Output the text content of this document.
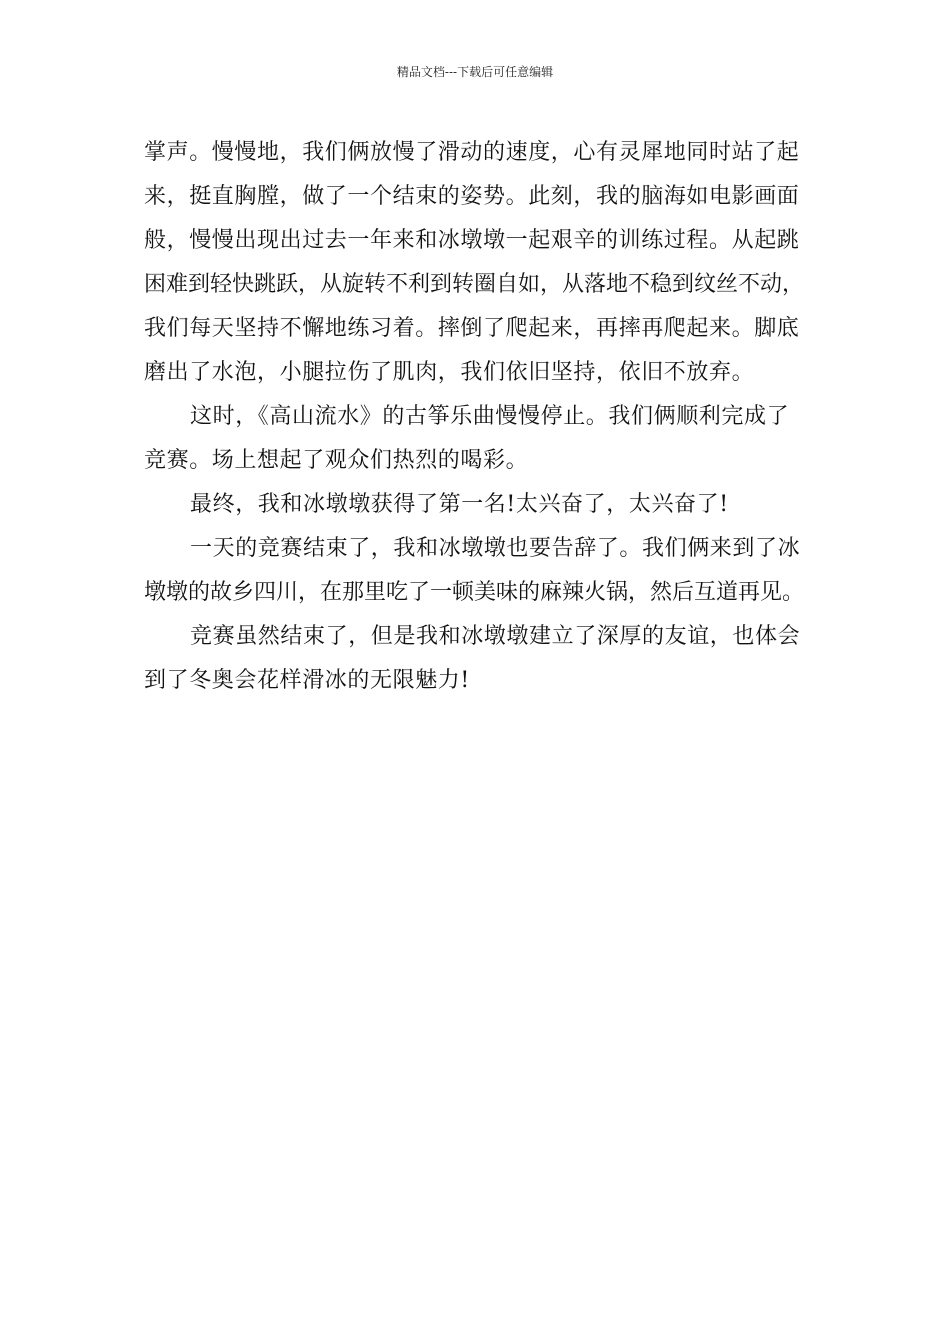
精品文档---下载后可任意编辑
掌声。慢慢地，我们俩放慢了滑动的速度，心有灵犀地同时站了起
来，挺直胸膛，做了一个结束的姿势。此刻，我的脑海如电影画面
般，慢慢出现出过去一年来和冰墩墩一起艰辛的训练过程。从起跳
困难到轻快跳跃，从旋转不利到转圈自如，从落地不稳到纹丝不动，
我们每天坚持不懈地练习着。摔倒了爬起来，再摔再爬起来。脚底
磨出了水泡，小腿拉伤了肌肉，我们依旧坚持，依旧不放弃。
这时，《高山流水》的古筝乐曲慢慢停止。我们俩顺利完成了
竞赛。场上想起了观众们热烈的喝彩。
最终，我和冰墩墩获得了第一名!太兴奋了，太兴奋了!
一天的竞赛结束了，我和冰墩墩也要告辞了。我们俩来到了冰
墩墩的故乡四川，在那里吃了一顿美味的麻辣火锅，然后互道再见。
竞赛虽然结束了，但是我和冰墩墩建立了深厚的友谊，也体会
到了冬奥会花样滑冰的无限魅力!
